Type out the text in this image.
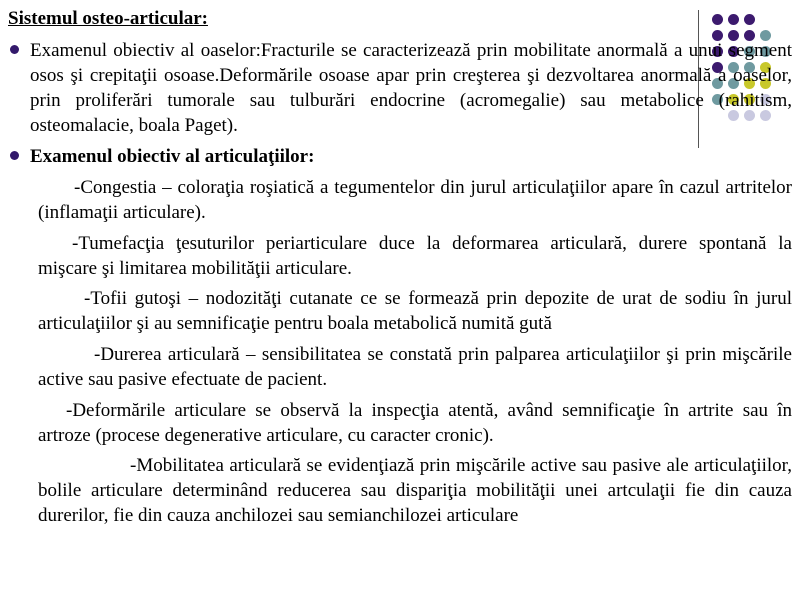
Sistemul osteo-articular:
Examenul obiectiv al oaselor:Fracturile se caracterizează prin mobilitate anormală a unui segment osos şi crepitaţii osoase.Deformările osoase apar prin creşterea şi dezvoltarea anormală a oaselor, prin proliferări tumorale sau tulburări endocrine (acromegalie) sau metabolice (rahitism, osteomalacie, boala Paget).
Examenul obiectiv al articulaţiilor:
-Congestia – coloraţia roşiatică a tegumentelor din jurul articulaţiilor apare în cazul artritelor (inflamaţii articulare).
-Tumefacţia ţesuturilor periarticulare duce la deformarea articulară, durere spontană la mişcare şi limitarea mobilităţii articulare.
-Tofii gutoşi – nodozităţi cutanate ce se formează prin depozite de urat de sodiu în jurul articulaţiilor şi au semnificaţie pentru boala metabolică numită gută
-Durerea articulară – sensibilitatea se constată prin palparea articulaţiilor şi prin mişcările active sau pasive efectuate de pacient.
-Deformările articulare se observă la inspecţia atentă, având semnificaţie în artrite sau în artroze (procese degenerative articulare, cu caracter cronic).
-Mobilitatea articulară se evidenţiază prin mişcările active sau pasive ale articulaţiilor, bolile articulare determinând reducerea sau dispariţia mobilităţii unei artculaţii fie din cauza durerilor, fie din cauza anchilozei sau semianchilozei articulare
